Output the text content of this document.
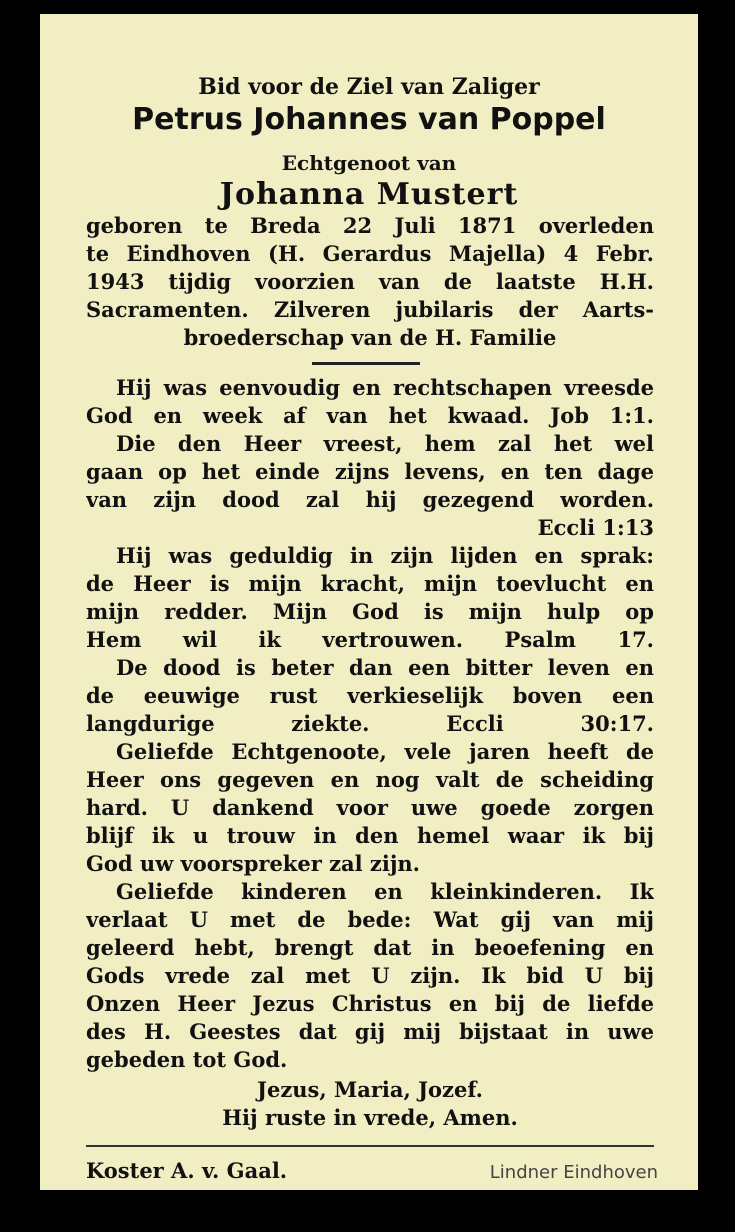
Bid voor de Ziel van Zaliger
Petrus Johannes van Poppel
Echtgenoot van
Johanna Mustert
geboren te Breda 22 Juli 1871 overleden
te Eindhoven (H. Gerardus Majella) 4 Febr.
1943 tijdig voorzien van de laatste H.H.
Sacramenten. Zilveren jubilaris der Aarts-
broederschap van de H. Familie
Hij was eenvoudig en rechtschapen vreesde
God en week af van het kwaad. Job 1:1.
Die den Heer vreest, hem zal het wel
gaan op het einde zijns levens, en ten dage
van zijn dood zal hij gezegend worden.
Eccli 1:13
Hij was geduldig in zijn lijden en sprak:
de Heer is mijn kracht, mijn toevlucht en
mijn redder. Mijn God is mijn hulp op
Hem wil ik vertrouwen. Psalm 17.
De dood is beter dan een bitter leven en
de eeuwige rust verkieselijk boven een
langdurige ziekte. Eccli 30:17.
Geliefde Echtgenoote, vele jaren heeft de
Heer ons gegeven en nog valt de scheiding
hard. U dankend voor uwe goede zorgen
blijf ik u trouw in den hemel waar ik bij
God uw voorspreker zal zijn.
Geliefde kinderen en kleinkinderen. Ik
verlaat U met de bede: Wat gij van mij
geleerd hebt, brengt dat in beoefening en
Gods vrede zal met U zijn. Ik bid U bij
Onzen Heer Jezus Christus en bij de liefde
des H. Geestes dat gij mij bijstaat in uwe
gebeden tot God.
Jezus, Maria, Jozef.
Hij ruste in vrede, Amen.
Koster A. v. Gaal.	Lindner Eindhoven
